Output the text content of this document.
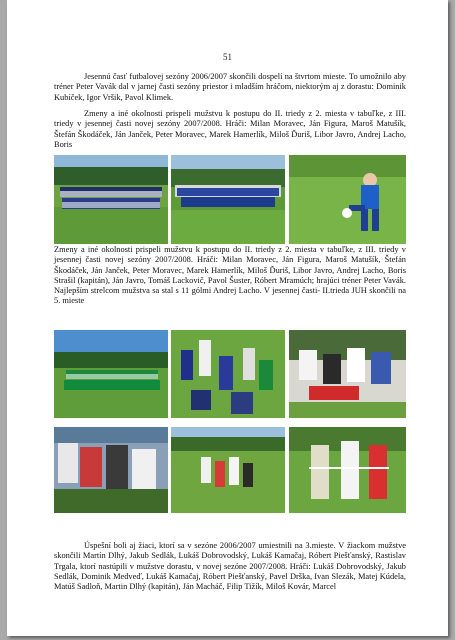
51

Jesennú časť futbalovej sezóny 2006/2007 skončili dospelí na štvrtom mieste. To umožnilo aby tréner Peter Vavák dal v jarnej časti sezóny priestor i mladším hráčom, niektorým aj z dorastu: Dominik Kubíček, Igor Vršik, Pavol Klimek.

Zmeny a iné okolnosti prispeli mužstvu k postupu do II. triedy z 2. miesta v tabuľke, z III. triedy v jesennej časti novej sezóny 2007/2008. Hráči: Milan Moravec, Ján Figura, Maroš Matušík, Štefán Škodáček, Ján Janček, Peter Moravec, Marek Hamerlík, Miloš Ďuriš, Libor Javro, Andrej Lacho, Boris

Zmeny a iné okolnosti prispeli mužstvu k postupu do II. triedy z 2. miesta v tabuľke, z III. triedy v jesennej časti novej sezóny 2007/2008. Hráči: Milan Moravec, Ján Figura, Maroš Matušík, Štefán Škodáček, Ján Janček, Peter Moravec, Marek Hamerlík, Miloš Ďuriš, Libor Javro, Andrej Lacho, Boris Strašil (kapitán), Ján Javro, Tomáš Lackovič, Pavol Šuster, Róbert Mramúch; hrajúci tréner Peter Vavák. Najlepším strelcom mužstva sa stal s 11 gólmi Andrej Lacho. V jesennej časti- II.trieda JUH skončili na 5. mieste

Úspešní boli aj žiaci, ktorí sa v sezóne 2006/2007 umiestnili na 3.mieste. V žiackom mužstve skončili Martín Dlhý, Jakub Sedlák, Lukáš Dobrovodský, Lukáš Kamačaj, Róbert Piešťanský, Rastislav Trgala, ktorí nastúpili v mužstve dorastu, v novej sezóne 2007/2008. Hráči: Lukáš Dobrovodský, Jakub Sedlák, Dominik Medveď, Lukáš Kamačaj, Róbert Piešťanský, Pavel Drška, Ivan Slezák, Matej Kúdela, Matúš Sadloň, Martin Dlhý (kapitán), Ján Macháč, Filip Tižík, Miloš Kovár, Marcel
